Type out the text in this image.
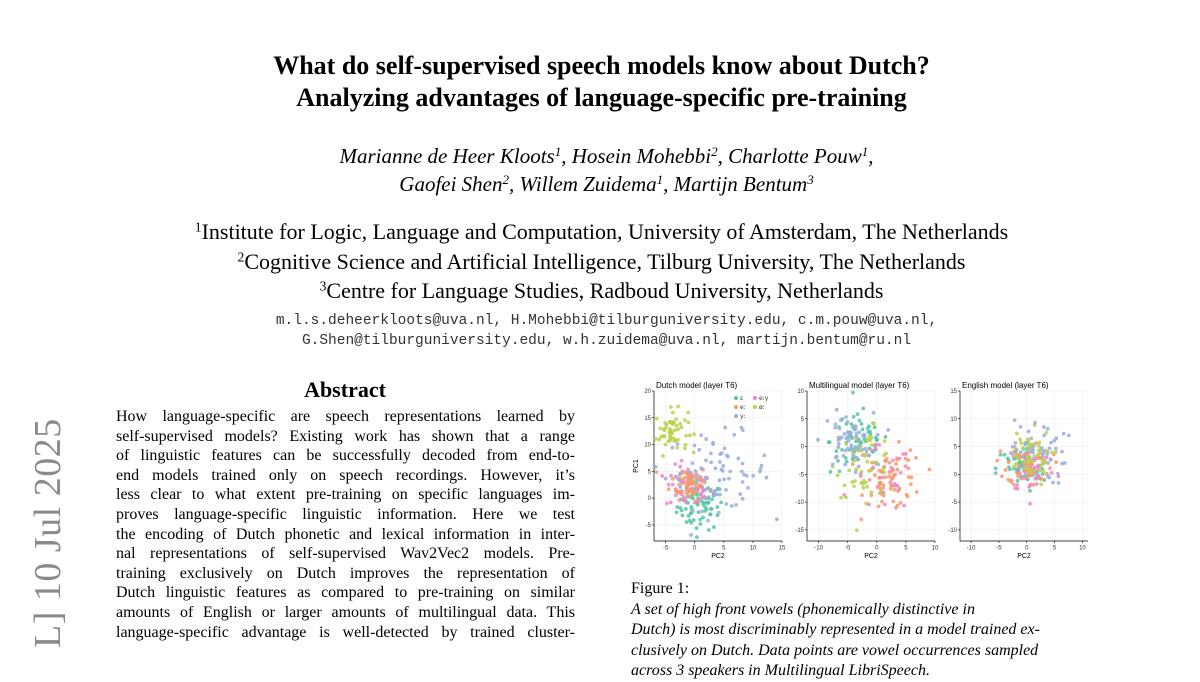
L] 10 Jul 2025
What do self-supervised speech models know about Dutch?
Analyzing advantages of language-specific pre-training
Marianne de Heer Kloots$^1$, Hosein Mohebbi$^2$, Charlotte Pouw$^1$,
Gaofei Shen$^2$, Willem Zuidema$^1$, Martijn Bentum$^3$
$^1$Institute for Logic, Language and Computation, University of Amsterdam, The Netherlands
$^2$Cognitive Science and Artificial Intelligence, Tilburg University, The Netherlands
$^3$Centre for Language Studies, Radboud University, Netherlands
m.l.s.deheerkloots@uva.nl, H.Mohebbi@tilburguniversity.edu, c.m.pouw@uva.nl,
G.Shen@tilburguniversity.edu, w.h.zuidema@uva.nl, martijn.bentum@ru.nl
Abstract
How language-specific are speech representations learned by
self-supervised models? Existing work has shown that a range
of linguistic features can be successfully decoded from end-to-
end models trained only on speech recordings. However, it’s
less clear to what extent pre-training on specific languages im-
proves language-specific linguistic information. Here we test
the encoding of Dutch phonetic and lexical information in inter-
nal representations of self-supervised Wav2Vec2 models. Pre-
training exclusively on Dutch improves the representation of
Dutch linguistic features as compared to pre-training on similar
amounts of English or larger amounts of multilingual data. This
language-specific advantage is well-detected by trained cluster-
-5	0	5	10	15
-5
0
5
10
15
20
Dutch model (layer T6)
PC2
PC1
ɛ
eː
yː
eːy
øː
-10	-5	0	5	10
-15
-10
-5
0
5
10
Multilingual model (layer T6)
PC2
-10	-5	0	5	10
-10
-5
0
5
10
15
English model (layer T6)
PC2
Figure 1:
A set of high front vowels (phonemically distinctive in
Dutch) is most discriminably represented in a model trained ex-
clusively on Dutch. Data points are vowel occurrences sampled
across 3 speakers in Multilingual LibriSpeech.
